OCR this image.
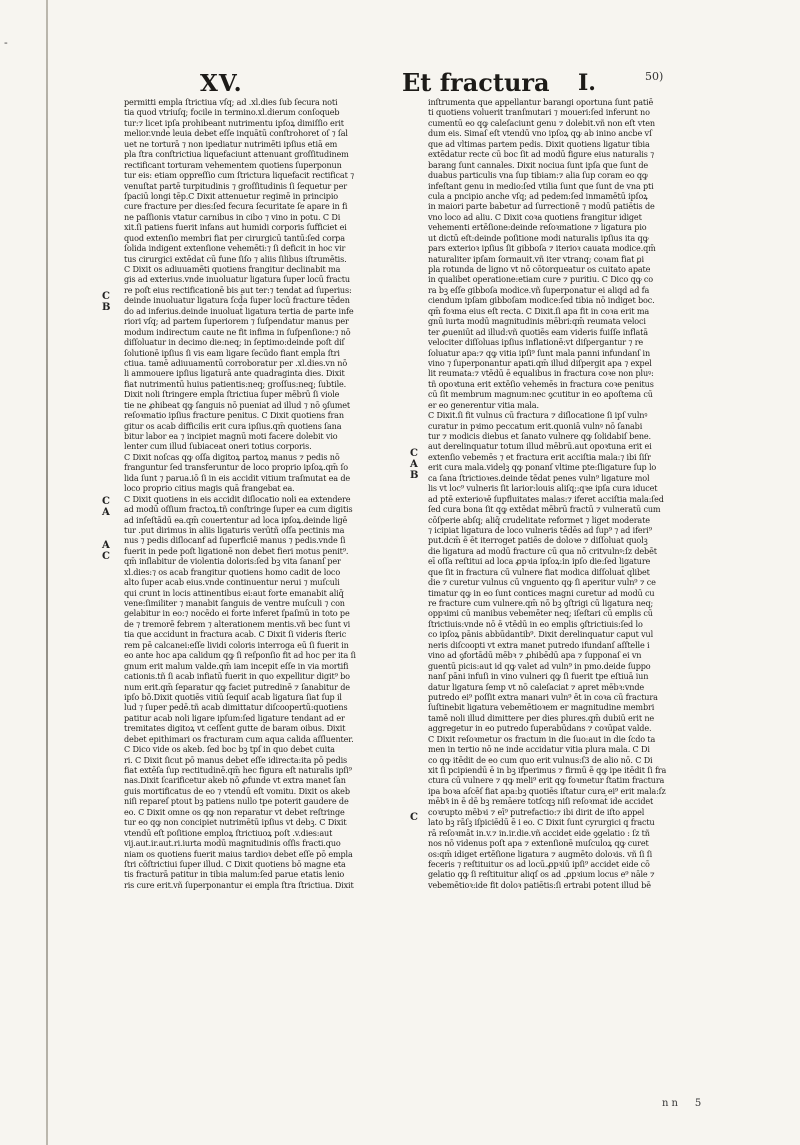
-
XV.	Et fractura I.	50)
permitti empla ſtrictiua vſq; ad .xl.dies ſub ſecura noti
tia quod vtriuſq; focile in termino.xl.dierum conſoqueb
tur:⁊ licet ipſa prohibeant nutrimentu ipſoꝝ dimiſſio erit
melior.vnde leuia debet eſſe inquātū conſtrohoret oſ ⁊ ſal
uet ne torturā ⁊ non ipediatur nutrimēti ipſius etiā em
pla ſtra conſtrictiua liquefaciunt attenuant groſſitudinem
rectificant torturam vehementem quotiens ſuperponun
tur eis: etiam oppreſſio cum ſtrictura liquefacit rectificat ⁊
venuſtat partē turpitudinis ⁊ groſſitudinis ſi ſequetur per
ſpaciū longi tēp.C Dixit attenuetur regimē in principio
cure fracture per dies:ſed fecura ſecuritate ſe apare in fi
ne paſſionis vtatur carnibus in cibo ⁊ vino in potu. C Di
xit.ſi patiens fuerit infans aut humidi corporis ſufficiet ei
quod extenſio membri fiat per cirurgicū tantū:ſed corpa
ſolida indigent extenſione vehemēti:⁊ ſi deficit in hoc vir
tus cirurgici extēdat cū fune ſiſo ⁊ aliis ſilibus iſtrumētis.
C Dixit os adiuuamēti quotiens frangitur declinabit ma
gis ad exterius.vnde inuoluatur ligatura ſuper locū fractu
re poſt eius rectificationē bis aut ter:⁊ tendat ad ſuperius:
deinde inuoluatur ligatura ſcd̄a ſuper locū fracture tēden
do ad inferius.deinde inuoluat̄ ligatura tertia de parte infe
riori vſq; ad partem ſuperiorem ⁊ ſuſpendatur manus per
modum indirectum caute ne fit infima in ſuſpenſione:⁊ nō
diſſoluatur in decimo die:neq; in ſeptimo:deinde poſt diſ
ſolutionē ipſius ſi vis eam ligare ſecūdo fiant empla ſtri
ctiua. tamē adiuuamentū corroboratur per .xl.dies.vn nō
li ammouere ipſius ligaturā ante quadraginta dies. Dixit
fiat nutrimentū huius patientis:neq; groſſus:neq; ſubtile.
Dixit noli ſtringere empla ſtrictiua ſuper mēbrū ſi viole
tie ne ꝓhibeat qꝙ ſanguis nō pueniat ad illud ⁊ nō ꝯſumet
reſoꝛmatio ipſius fracture penitus. C Dixit quotiens fran
gitur os acab difficilis erit cura ipſius.qm̄ quotiens ſana
bitur labor ea ⁊ incipiet magnū moti facere dolebit vio
lenter cum illud ſubiaceat oneri totius corporis.
C Dixit noſcas qꝙ oſſa digitoꝝ partoꝝ manus ⁊ pedis nō
franguntur ſed transferuntur de loco proprio ipſoꝝ.qm̄ ſo
lida ſunt ⁊ parua.iō ſi in eis accidit vitium traſmutat ea de
loco proprio citius magis quā frangebat ea.
C Dixit quotiens in eis accidit diſlocatio noli ea extendere
ad modū oſſium fractoꝝ.tñ conſtringe ſuper ea cum digitis
ad inſeſtādū ea.qm̄ couertentur ad loca ipſoꝝ.deinde ligē
tur .put dirimus in aliis ligaturis verūtñ oſſa pectinis ma
nus ⁊ pedis diſlocanf ad ſuperficiē manus ⁊ pedis.vnde ſi
fuerit in pede poſt ligationē non debet fieri motus penit⁹.
qm̄ inſlabitur de violentia doloris:ſed bꝫ vita ſananſ per
xl.dies:⁊ os acab frangitur quotiens homo cadit de loco
alto ſuper acab eius.vnde continuentur nerui ⁊ muſculi
qui crunt in locis attinentibus ei:aut forte emanabit aliq̄
vene:ſimiliter ⁊ manabit ſanguis de ventre muſculi ⁊ con
gelabitur in eo:⁊ nocēdo ei forte inferet ſpaſmū in toto pe
de ⁊ tremorē febrem ⁊ alterationem mentis.vñ bec ſunt vi
tia que accidunt in fractura acab. C Dixit ſi videris ſteric
rem pē calcanei:eſſe lividi coloris interroga eū ſi fuerit in
eo ante hoc apa calidum qꝙ ſi reſponſio fit ad hoc per ita ſi
gnum erit malum valde.qm̄ iam incepit eſſe in via mortifi
cationis.tñ ſi acab infiatū fuerit in quo expellitur digit⁹ bo
num erit.qm̄ ſeparatur qꝙ faciet putredinē ⁊ ſanabitur de
ipſo bō.Dixit quotiēs vitiū ſequiſ acab ligatura ſiat ſup il
lud ⁊ ſuper pedē.tñ acab dimittatur diſcoopertū:quotiens
patitur acab noli ligare ipſum:ſed ligature tendant ad er
tremitates digitoꝝ vt ceſſent gutte de baram oibus. Dixit
debet epithimari os fracturam cum aqua calida aſſluenter.
C Dico vide os akeb. ſed boc bꝫ tpſ in quo debet cuita
ri. C Dixit ſicut pō manus debet eſſe idirecta:ita pō pedis
fiat extēſa ſup rectitudinē.qm̄ hec figura eſt naturalis ipſi⁹
nas.Dixit ſcarificetur akeb nō ꝓfunde vt extra manet ſan
guis mortificatus de eo ⁊ vtendū eſt vomitu. Dixit os akeb
niſi repareſ ptout bꝫ patiens nullo tpe poterit gaudere de
eo. C Dixit omne os qꝙ non reparatur vt debet reſtringe
tur eo qꝙ non concipiet nutrimētū ipſius vt debꝫ. C Dixit
vtendū eſt poſitione emploꝝ ſtrictiuoꝝ poſt .v.dies:aut
vij.aut.ir.aut.ri.iurta modū magnitudinis oſſis fracti.quo
niam os quotiens fuerit maius tardioꝛ debet eſſe pō empla
ſtri cōſtrictiui ſuper illud. C Dixit quotiens bō magne eta
tis fracturā patitur in tibia malum:ſed parue etatis lenio
ris cure erit.vñ ſuperponantur ei empla ſtra ſtrictiua. Dixit
inſtrumenta que appellantur barangi oportuna ſunt patiē
ti quotiens voluerit tranſmutari ⁊ moueri:ſed inferunt no
cumentū eo qꝙ caleſaciunt genu ⁊ dolebit.vñ non eſt vten
dum eis. Simaſ eſt vtendū vno ipſoꝝ qꝙ ab inino ancbe vſ
que ad vltimas partem pedis. Dixit quotiens ligatur tibia
extēdatur recte cū boc ſit ad modū figure eius naturalis ⁊
barang ſunt cannales. Dixit nociua ſunt ipſa que ſunt de
duabus particulis vna ſup tibiam:⁊ alia ſup coram eo qꝙ
infeſtant genu in medio:ſed vtilia ſunt que ſunt de vna pti
cula a pncipio anche vſq; ad pedem:ſed inmamētū ipſoꝝ
in maiori parte babetur ad ſurrectionē ⁊ modū patiētis de
vno loco ad aliu. C Dixit coꝛa quotiens frangitur idiget
vehementi ertēſione:deinde reſoꝛmatione ⁊ ligatura pio
ut dictū eſt:deinde poſitione modi naturalis ipſius ita qꝙ
pars exterioꝛ ipſius ſit gibboſa ⁊ iterioꝛ cauata modice.qm̄
naturaliter ipſam ſormauit.vñ iter vtranq; coꝛam fiat ꝑi
pla rotunda de ligno vt nō cōtorqueatur os cuitato apate
in qualibet operatione:etiam cure ⁊ puritiu. C Dico qꝙ co
ra bꝫ eſſe gibboſa modice.vñ ſuperponatur ei aliqd ad fa
ciendum ipſam gibboſam modice:ſed tibia nō indiget boc.
qm̄ foꝛma eius eſt recta. C Dixit.ſi apa fit in coꝛa erit ma
gnū iurta modū magnitudinis mēbri:qm̄ reumata veloci
ter ꝓueniūt ad illud:vñ quotiēs eam videris fuiſſe inflatā
velociter diſſoluas ipſius inflationē:vt diſpergantur ⁊ re
ſoluatur apa:⁊ qꝙ vitia ipſi⁹ ſunt mala panni infundanſ in
vino ⁊ ſuperponantur apati.qm̄ illud diſpergit apa ⁊ expel
lit reumata:⁊ vtēdū ē equalibus in fractura coꝛe non pluꝰ:
tñ opoꝛtuna erit extēſio vehemēs in fractura coꝛe penitus
cū ſit membrum magnum:nec ꝯcutitur in eo apoſtema cū
er eo generentur vitia mala.
C Dixit.ſi fit vulnus cū fractura ⁊ diſlocatione ſi ipſ vulnꝰ
curatur in pꝛimo peccatum erit.quoniā vulnꝰ nō ſanabi
tur ⁊ modicis diebus et ſanato vulnere qꝙ ſolidabiſ bene.
aut derelinquatur totum illud mēbrū.aut opoꝛtuna erit ei
extenſio vebemēs ⁊ et fractura erit acciſtia mala:⁊ ibi ſiſr
erit cura mala.videlꝫ qꝙ ponanſ vltime pte:ſligature ſup lo
ca ſana ſtrictioꝛes.deinde tēdat penes vuln⁹ ligature mol
lis vt loc⁹ vulneris ſit larior:louis aliſq;:qꝛe ipſa cura iducet
ad ptē exterioꝛē ſupfluitates malas:⁊ iferet acciſtia mala:ſed
ſed cura bona ſit qꝙ extēdat mēbrū fractū ⁊ vulneratū cum
cōſperie abſq; aliq̄ crudelitate reformet ⁊ liget moderate
⁊ icipiat ligatura de loco vulneris tēdēs ad ſup⁹ ⁊ ad iferi⁹
put.dcm̄ ē ēt iterroget patiēs de doloꝛe ⁊ diſſoluat quolꝫ
die ligatura ad modū fracture cū qua nō critvulnꝰ:ſz debēt
eī oſſa reſtitui ad loca ꝓpꝛia ipſoꝝ:in ipſo die:ſed ligature
que ſit in fractura cū vulnere fiat modica diſſoluat̄ qlibet
die ⁊ curetur vulnus cū vnguento qꝙ ſi aperitur vuln⁹ ⁊ ce
timatur qꝙ in eo ſunt contices magni curetur ad modū cu
re fracture cum vulnere.qm̄ nō bꝫ ꝯſtrigi cū ligatura neq;
oppꝛimi cū manibus vebemēter neq; iſeſtari cū emplis cū
ſtrictiuis:vnde nō ē vtēdū in eo emplis ꝯſtrictiuis:ſed lo
co ipſoꝝ pānis abbūdantib⁹. Dixit derelinquatur caput vul
neris diſcoopti vt extra manet putredo ifundanſ aſſtelle i
vino ad ꝯfortādū mēbꝛ ⁊ ꝓhibēdū apa ⁊ ſupponaſ ei vn
guentū picis:aut id qꝙ valet ad vuln⁹ in pmo.deide ſuppo
nanſ pāni infuſi in vino vulneri qꝙ ſi fuerit tpe eſtiuā iun
datur ligatura ſemp vt nō caleſaciat ⁊ apret mēbꝛ:vnde
putredo ei⁹ poſſit extra manari vuln⁹ ēt in coꝛa cū fractura
ſuſtinebit ligatura vebemētioꝛem er magnitudine membri
tamē noli illud dimittere per dies plures.qm̄ dubiū erit ne
aggregetur in eo putredo ſuperabūdans ⁊ coꝛūpat valde.
C Dixit reſoꝛmetur os fractum in die ſuo:aut in die ſcdo ta
men in tertio nō ne inde accidatur vitia plura mala. C Di
co qꝙ itēdit de eo cum quo erit vulnus:ſ3 de alio nō. C Di
xit ſi pcipiendū ē in bꝫ ifperimus ⁊ firmū ē qꝙ ipe itēdit ſi fra
ctura cū vulnere ⁊ qꝙ meli⁹ erit qꝙ foꝛmetur ſtatim fractura
ipa boꝛa aſcēſ fiat apa:bꝫ quotiēs iſtatur cura ei⁹ erit mala:ſz
mēbꝛ̄ in ē dē bꝫ remāere totſcqꝫ niſi reſoꝛmat̄ ide accidet
coꝛrupto mēbꝛi ⁊ eī⁹ putrefactio:⁊ ibi dirit de iſto appel
lato bꝫ rāſꝫ iſpiciēdū ē i eo. C Dixit ſunt cyrurgici q fractu
rā reſoꝛmāt in.v.⁊ in.ir.die.vñ accidet eide ꝯgelatio : ſz tñ
nos nō videnus poſt apa ⁊ extenſionē muſculoꝝ qꝙ curet
os:qm̄ idiget ertēſione ligatura ⁊ augmēto doloꝛis. vñ ſi ſi
feceris ⁊ reſtituitur os ad locū.ꝓpꝛiū ipſi⁹ accidet eide cō
gelatio qꝙ ſi reſtituitur aliqſ os ad .ꝓpꝛium locus e⁹ nāle ⁊
vebemētioꝛ:ide fit doloꝛ patiētis:ſi ertrabi potent illud bē
C
B
C
A
A
C
C
A
B
C
nn 5
